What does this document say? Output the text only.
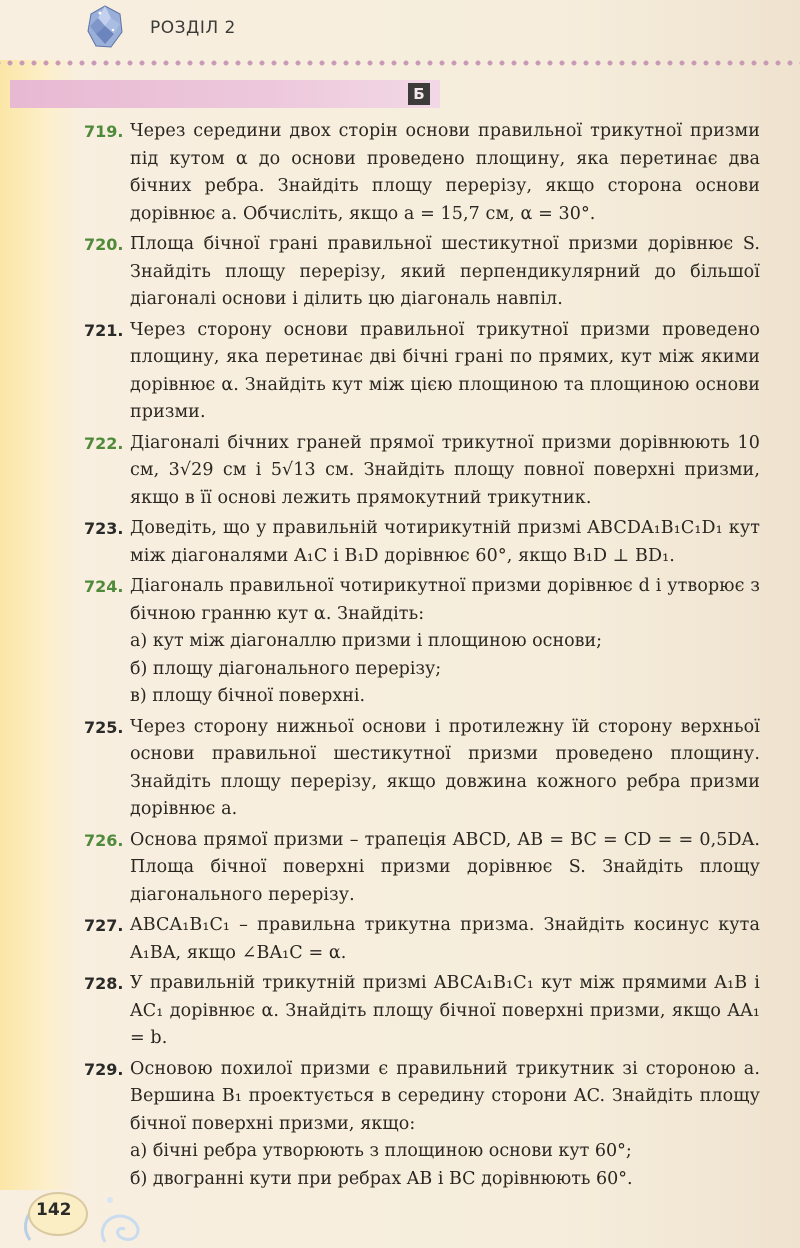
РОЗДІЛ 2
Б
719. Через середини двох сторін основи правильної трикутної призми під кутом α до основи проведено площину, яка перетинає два бічних ребра. Знайдіть площу перерізу, якщо сторона основи дорівнює a. Обчисліть, якщо a = 15,7 см, α = 30°.

720. Площа бічної грані правильної шестикутної призми дорівнює S. Знайдіть площу перерізу, який перпендикулярний до більшої діагоналі основи і ділить цю діагональ навпіл.

721. Через сторону основи правильної трикутної призми проведено площину, яка перетинає дві бічні грані по прямих, кут між якими дорівнює α. Знайдіть кут між цією площиною та площиною основи призми.

722. Діагоналі бічних граней прямої трикутної призми дорівнюють 10 см, 3√29 см і 5√13 см. Знайдіть площу повної поверхні призми, якщо в її основі лежить прямокутний трикутник.

723. Доведіть, що у правильній чотирикутній призмі ABCDA₁B₁C₁D₁ кут між діагоналями A₁C і B₁D дорівнює 60°, якщо B₁D ⊥ BD₁.

724. Діагональ правильної чотирикутної призми дорівнює d і утворює з бічною гранню кут α. Знайдіть:

а) кут між діагоналлю призми і площиною основи;

б) площу діагонального перерізу;

в) площу бічної поверхні.

725. Через сторону нижньої основи і протилежну їй сторону верхньої основи правильної шестикутної призми проведено площину. Знайдіть площу перерізу, якщо довжина кожного ребра призми дорівнює a.

726. Основа прямої призми – трапеція ABCD, AB = BC = CD = = 0,5DA. Площа бічної поверхні призми дорівнює S. Знайдіть площу діагонального перерізу.

727. ABCA₁B₁C₁ – правильна трикутна призма. Знайдіть косинус кута A₁BA, якщо ∠BA₁C = α.

728. У правильній трикутній призмі ABCA₁B₁C₁ кут між прямими A₁B і AC₁ дорівнює α. Знайдіть площу бічної поверхні призми, якщо AA₁ = b.

729. Основою похилої призми є правильний трикутник зі стороною a. Вершина B₁ проектується в середину сторони AC. Знайдіть площу бічної поверхні призми, якщо:

а) бічні ребра утворюють з площиною основи кут 60°;

б) двогранні кути при ребрах AB і BC дорівнюють 60°.

142
